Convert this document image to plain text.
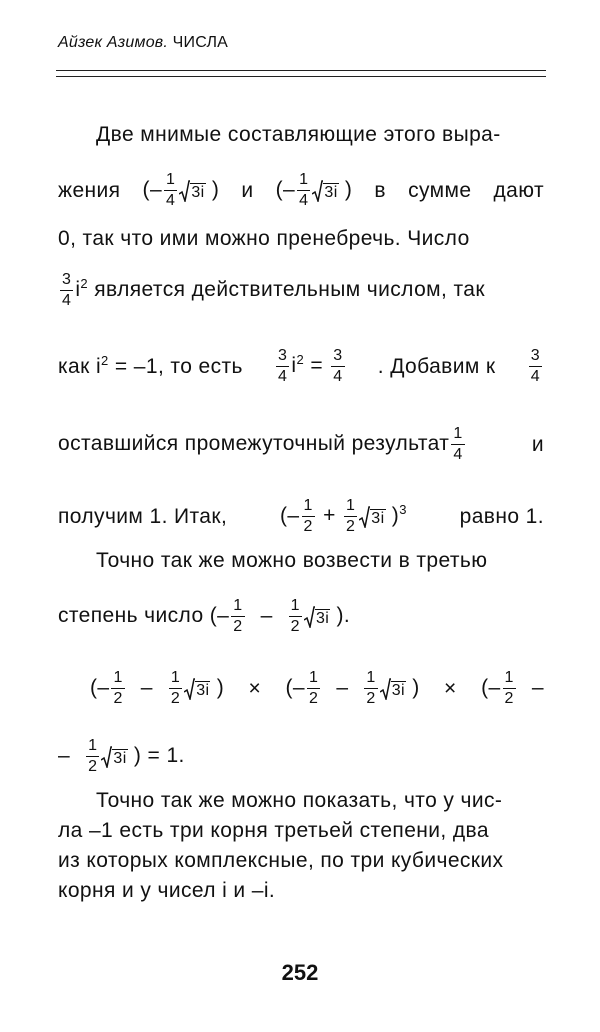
Айзек Азимов. ЧИСЛА
Две мнимые составляющие этого выра-
жения (– $\frac{1}{4} 3i$ ) и (– $\frac{1}{4} 3i$ ) в сумме дают
0, так что ими можно пренебречь. Число
$\frac{3}{4} i^2$ является действительным числом, так
как $i^2 = -1$, то есть $\frac{3}{4} i^2 = \frac{3}{4}$ . Добавим к $\frac{3}{4}$
оставшийся промежуточный результат $\frac{1}{4}$	и
получим 1. Итак,	(– $\frac{1}{2} + \frac{1}{2} 3i$ )$^3$	равно 1.
Точно так же можно возвести в третью
степень число (– $\frac{1}{2} - \frac{1}{2} 3i$ ).
(– $\frac{1}{2} - \frac{1}{2} 3i$ ) × (– $\frac{1}{2} - \frac{1}{2} 3i$ ) × (– $\frac{1}{2}$ –
– $\frac{1}{2} 3i$ ) = 1.
Точно так же можно показать, что у чис-
ла –1 есть три корня третьей степени, два
из которых комплексные, по три кубических
корня и у чисел i и –i.
252
